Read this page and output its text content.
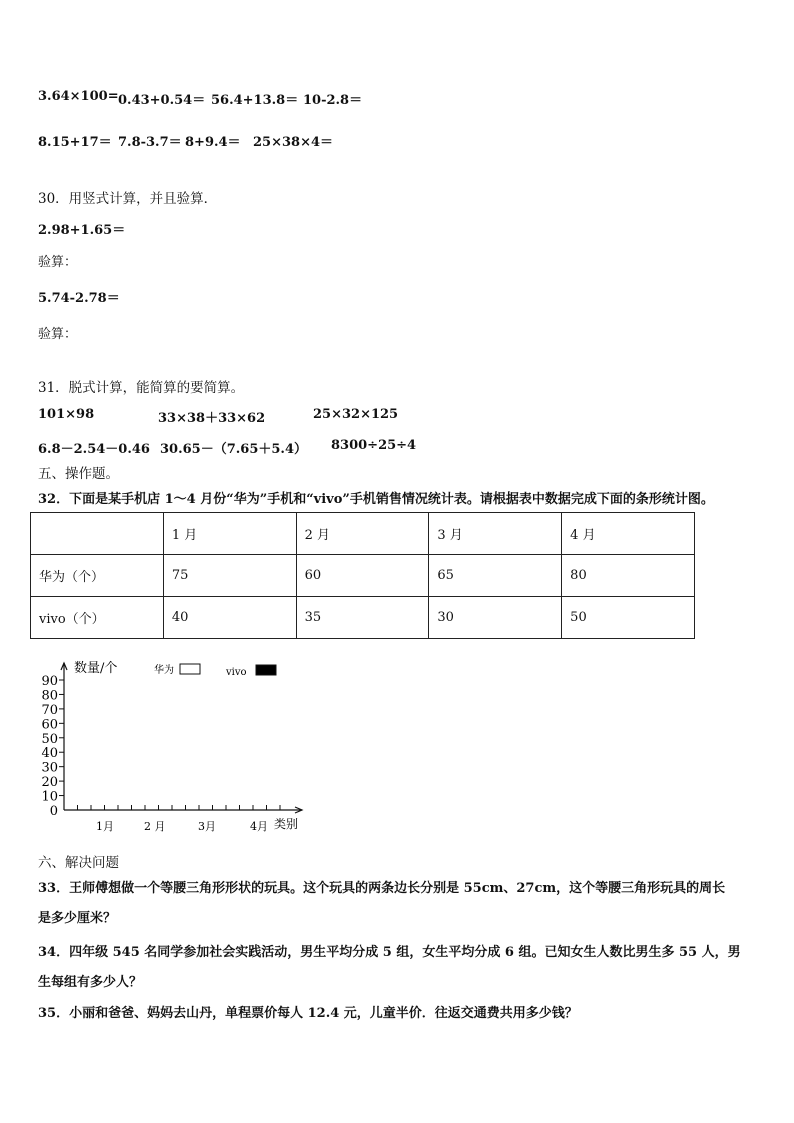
3.64×100= 0.43+0.54＝ 56.4+13.8＝ 10-2.8＝
8.15+17＝ 7.8-3.7＝ 8+9.4＝ 25×38×4＝
30．用竖式计算，并且验算．
2.98+1.65＝
验算：
5.74-2.78＝
验算：
31．脱式计算，能简算的要简算。
101×98	33×38＋33×62	25×32×125
6.8－2.54－0.46 30.65－（7.65＋5.4） 8300÷25÷4
五、操作题。
32．下面是某手机店 1～4 月份“华为”手机和“vivo”手机销售情况统计表。请根据表中数据完成下面的条形统计图。
	1 月	2 月	3 月	4 月
华为（个）	75	60	65	80
vivo（个）	40	35	30	50
0
10
20
30
40
50
60
70
80
90
1月	2 月	3月	4月
数量/个
类别
华为	vivo
六、解决问题
33．王师傅想做一个等腰三角形形状的玩具。这个玩具的两条边长分别是 55cm、27cm，这个等腰三角形玩具的周长
是多少厘米？
34．四年级 545 名同学参加社会实践活动，男生平均分成 5 组，女生平均分成 6 组。已知女生人数比男生多 55 人，男
生每组有多少人？
35．小丽和爸爸、妈妈去山丹，单程票价每人 12.4 元，儿童半价．往返交通费共用多少钱？
